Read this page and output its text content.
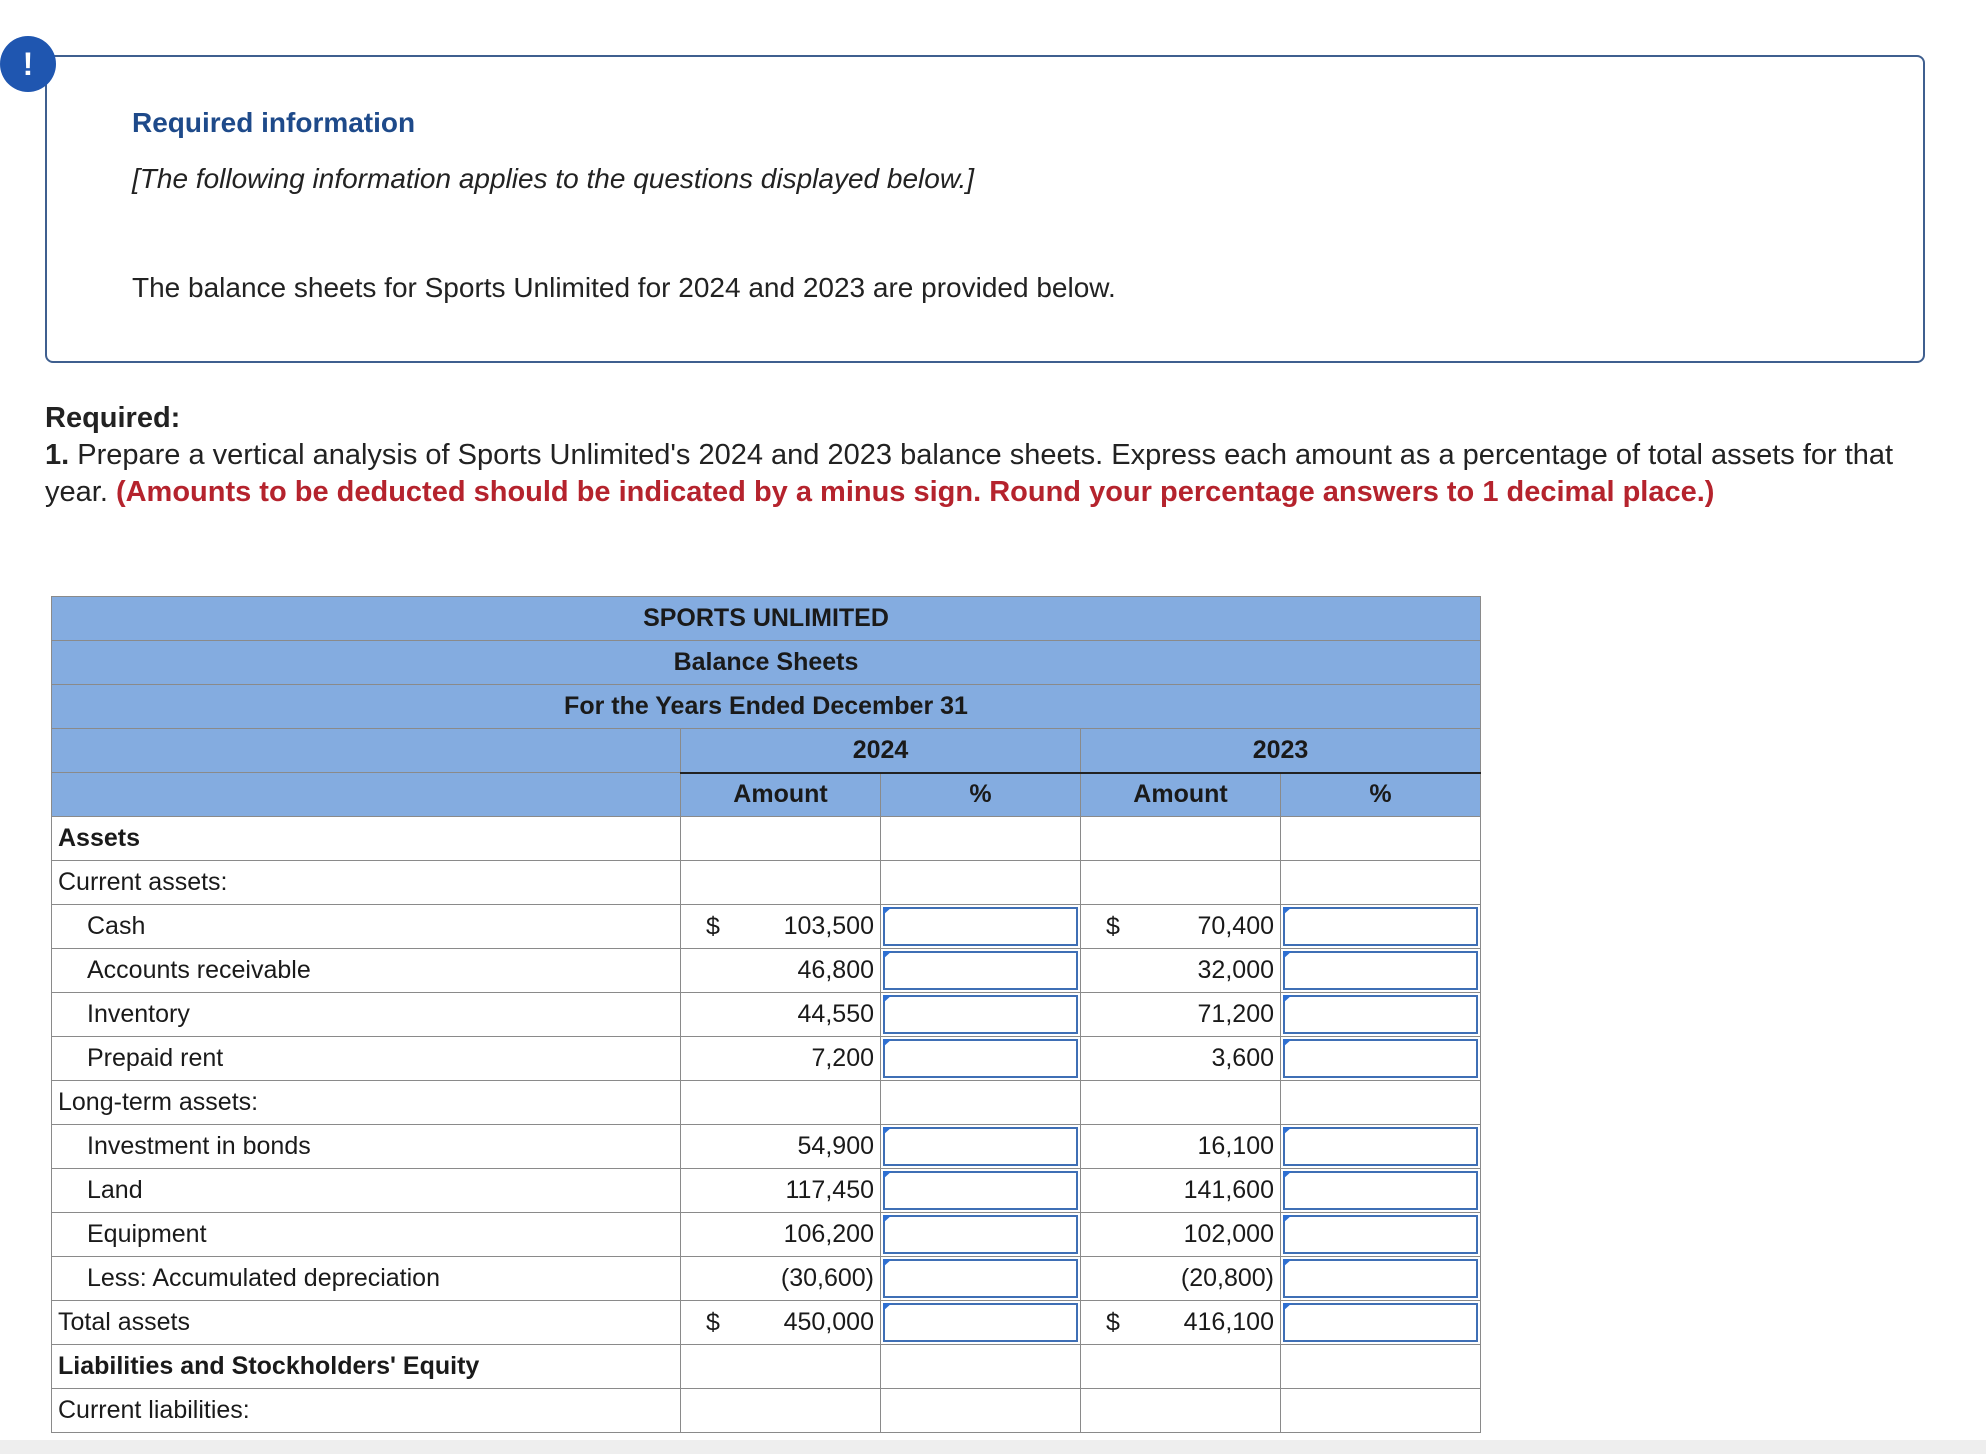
Required information
[The following information applies to the questions displayed below.]
The balance sheets for Sports Unlimited for 2024 and 2023 are provided below.
!
Required:
1. Prepare a vertical analysis of Sports Unlimited's 2024 and 2023 balance sheets. Express each amount as a percentage of total assets for that year. (Amounts to be deducted should be indicated by a minus sign. Round your percentage answers to 1 decimal place.)
SPORTS UNLIMITED				
Balance Sheets				
For the Years Ended December 31				
	2024		2023	
	Amount	%	Amount	%
Assets				
Current assets:				
Cash	$ 103,500		$ 70,400	

Accounts receivable	46,800		32,000	

Inventory	44,550		71,200	

Prepaid rent	7,200		3,600	

Long-term assets:				
Investment in bonds	54,900		16,100	

Land	117,450		141,600	

Equipment	106,200		102,000	

Less: Accumulated depreciation	(30,600)		(20,800)	

Total assets	$ 450,000		$ 416,100	

Liabilities and Stockholders' Equity				
Current liabilities:				
